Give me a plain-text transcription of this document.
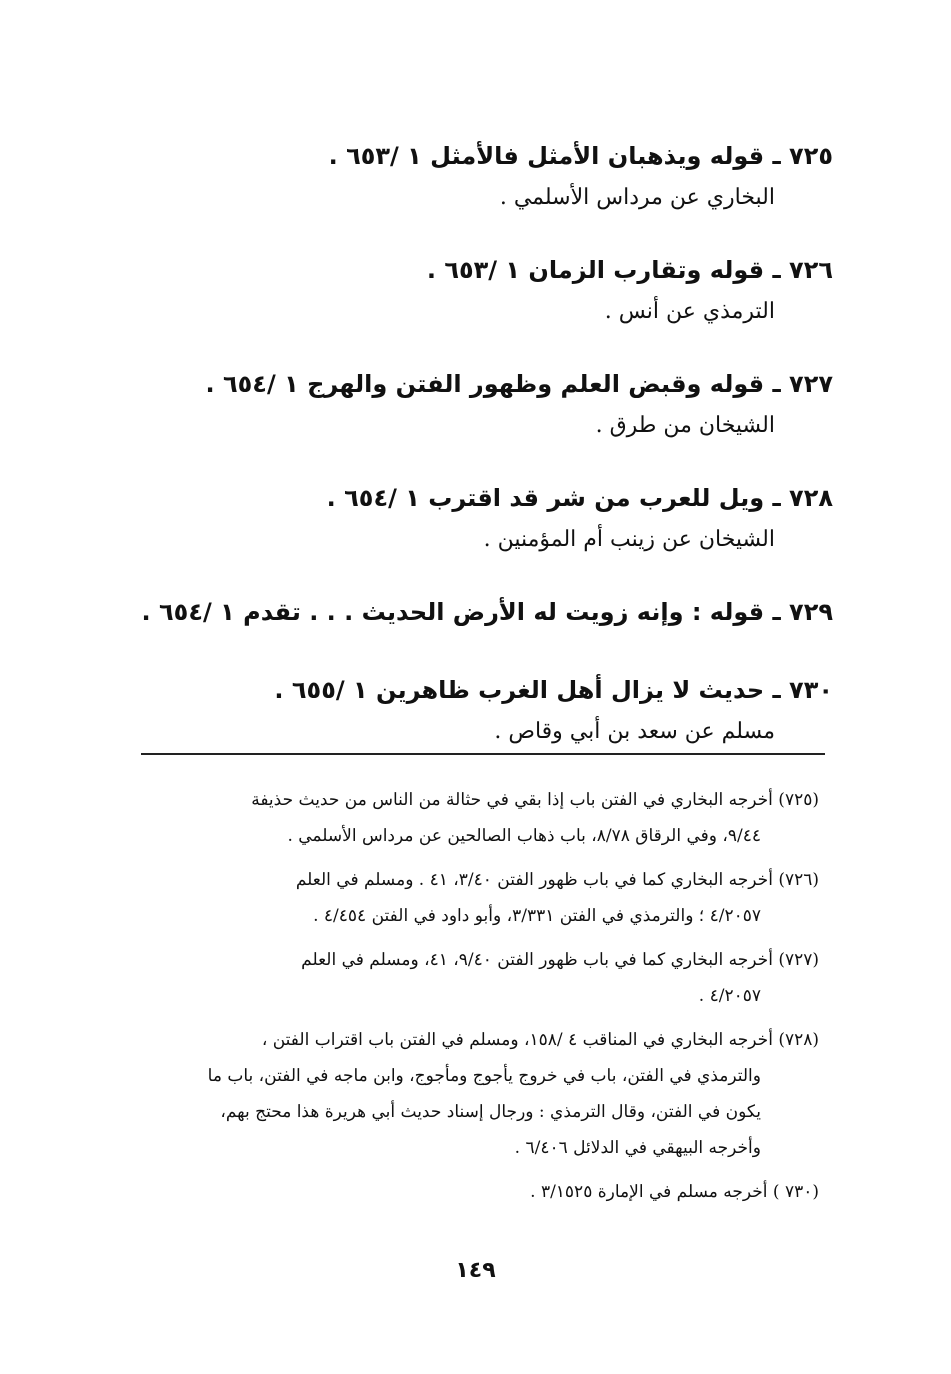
٧٢٥ ـ قوله ويذهبان الأمثل فالأمثل ١ /٦٥٣ .
البخاري عن مرداس الأسلمي .
٧٢٦ ـ قوله وتقارب الزمان ١ /٦٥٣ .
الترمذي عن أنس .
٧٢٧ ـ قوله وقبض العلم وظهور الفتن والهرج ١ /٦٥٤ .
الشيخان من طرق .
٧٢٨ ـ ويل للعرب من شر قد اقترب ١ /٦٥٤ .
الشيخان عن زينب أم المؤمنين .
٧٢٩ ـ قوله : وإنه زويت له الأرض الحديث . . . تقدم ١ /٦٥٤ .
٧٣٠ ـ حديث لا يزال أهل الغرب ظاهرين ١ /٦٥٥ .
مسلم عن سعد بن أبي وقاص .
(٧٢٥) أخرجه البخاري في الفتن باب إذا بقي في حثالة من الناس من حديث حذيفة
٩/٤٤، وفي الرقاق ٨/٧٨، باب ذهاب الصالحين عن مرداس الأسلمي .
(٧٢٦) أخرجه البخاري كما في باب ظهور الفتن ٣/٤٠، ٤١ . ومسلم في العلم
٤/٢٠٥٧ ؛ والترمذي في الفتن ٣/٣٣١، وأبو داود في الفتن ٤/٤٥٤ .
(٧٢٧) أخرجه البخاري كما في باب ظهور الفتن ٩/٤٠، ٤١، ومسلم في العلم
٤/٢٠٥٧ .
(٧٢٨) أخرجه البخاري في المناقب ٤ /١٥٨، ومسلم في الفتن باب اقتراب الفتن ،
والترمذي في الفتن، باب في خروج يأجوج ومأجوج، وابن ماجه في الفتن، باب ما
يكون في الفتن، وقال الترمذي : ورجال إسناد حديث أبي هريرة هذا محتج بهم،
وأخرجه البيهقي في الدلائل ٦/٤٠٦ .
(٧٣٠ ) أخرجه مسلم في الإمارة ٣/١٥٢٥ .
١٤٩
